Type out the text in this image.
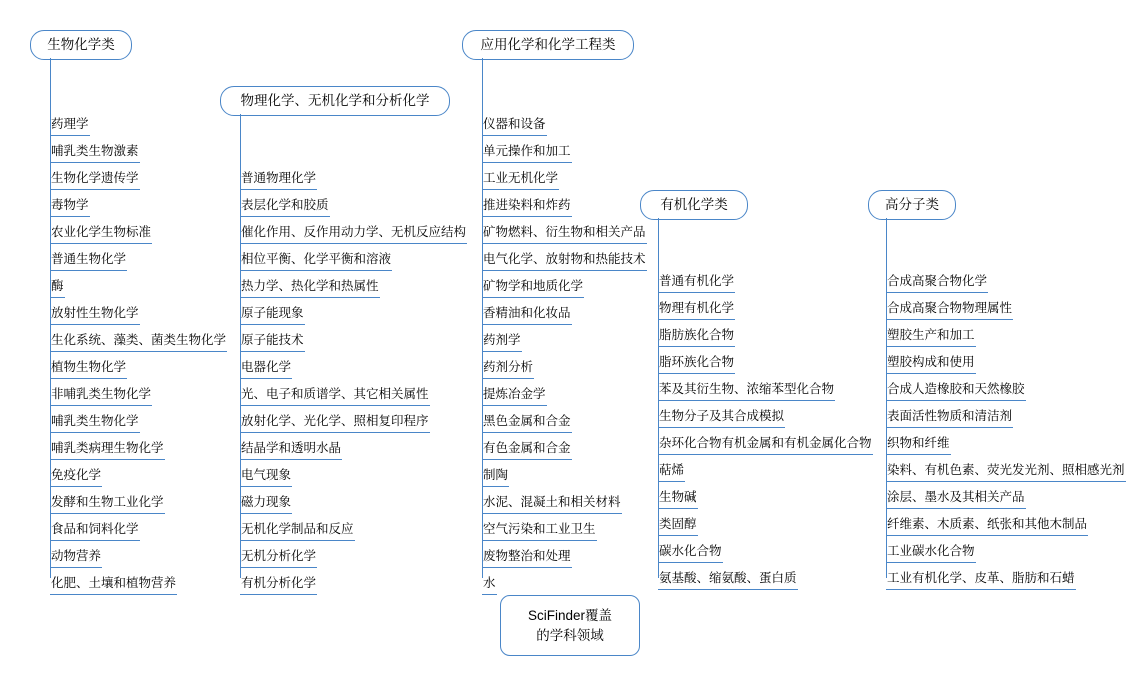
生物化学类
药理学
哺乳类生物激素
生物化学遗传学
毒物学
农业化学生物标准
普通生物化学
酶
放射性生物化学
生化系统、藻类、菌类生物化学
植物生物化学
非哺乳类生物化学
哺乳类生物化学
哺乳类病理生物化学
免疫化学
发酵和生物工业化学
食品和饲料化学
动物营养
化肥、土壤和植物营养
物理化学、无机化学和分析化学
普通物理化学
表层化学和胶质
催化作用、反作用动力学、无机反应结构
相位平衡、化学平衡和溶液
热力学、热化学和热属性
原子能现象
原子能技术
电器化学
光、电子和质谱学、其它相关属性
放射化学、光化学、照相复印程序
结晶学和透明水晶
电气现象
磁力现象
无机化学制品和反应
无机分析化学
有机分析化学
应用化学和化学工程类
仪器和设备
单元操作和加工
工业无机化学
推进染料和炸药
矿物燃料、衍生物和相关产品
电气化学、放射物和热能技术
矿物学和地质化学
香精油和化妆品
药剂学
药剂分析
提炼冶金学
黑色金属和合金
有色金属和合金
制陶
水泥、混凝土和相关材料
空气污染和工业卫生
废物整治和处理
水
有机化学类
普通有机化学
物理有机化学
脂肪族化合物
脂环族化合物
苯及其衍生物、浓缩苯型化合物
生物分子及其合成模拟
杂环化合物有机金属和有机金属化合物
萜烯
生物碱
类固醇
碳水化合物
氨基酸、缩氨酸、蛋白质
高分子类
合成高聚合物化学
合成高聚合物物理属性
塑胶生产和加工
塑胶构成和使用
合成人造橡胶和天然橡胶
表面活性物质和清洁剂
织物和纤维
染料、有机色素、荧光发光剂、照相感光剂
涂层、墨水及其相关产品
纤维素、木质素、纸张和其他木制品
工业碳水化合物
工业有机化学、皮革、脂肪和石蜡
SciFinder覆盖
的学科领域
